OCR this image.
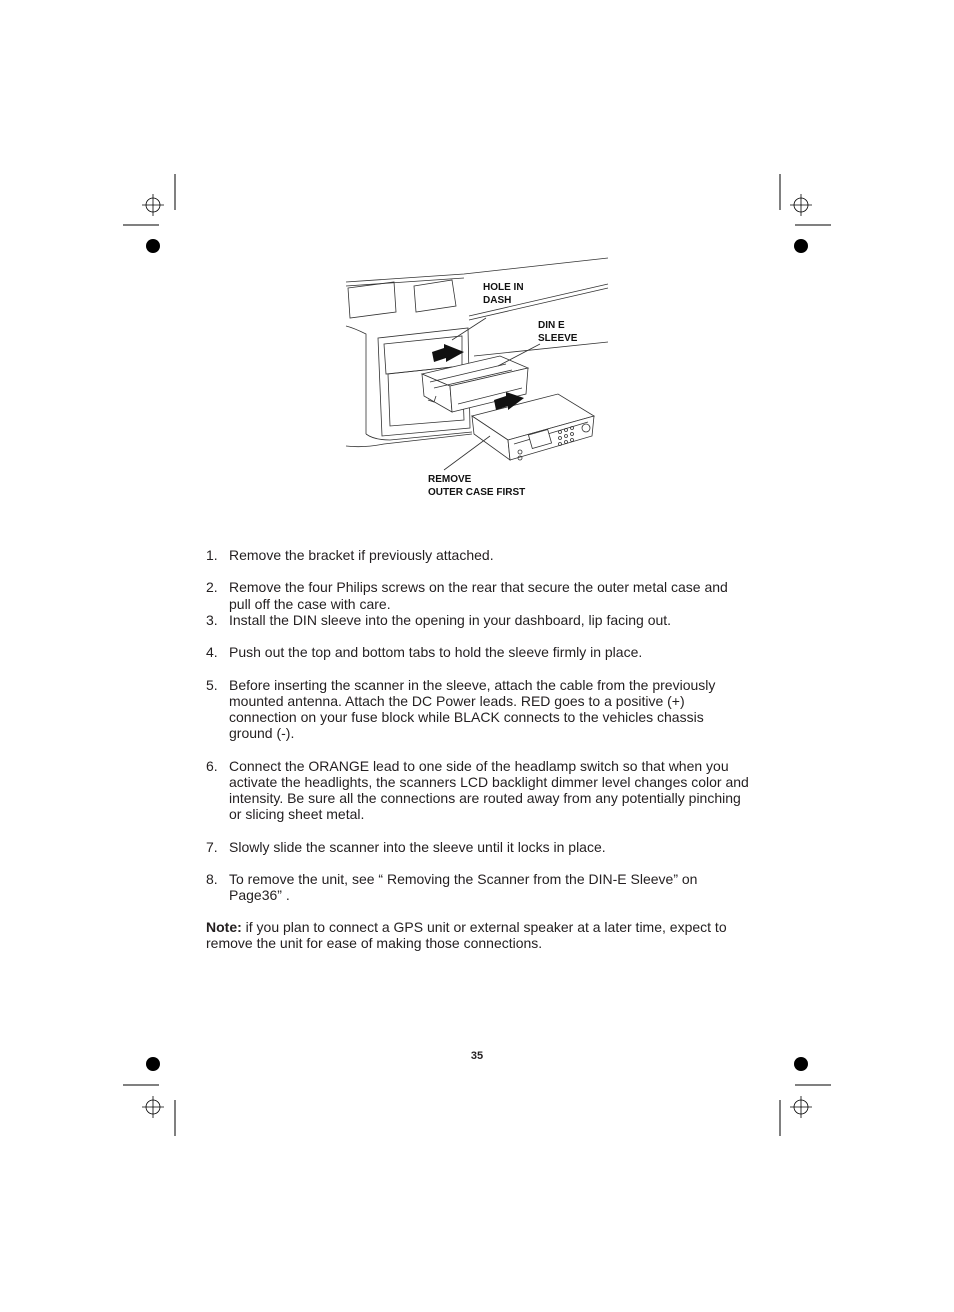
HOLE IN
DASH
DIN E
SLEEVE
REMOVE
OUTER CASE FIRST
1. Remove the bracket if previously attached.
2. Remove the four Philips screws on the rear that secure the outer metal case and pull off the case with care.
3. Install the DIN sleeve into the opening in your dashboard, lip facing out.
4. Push out the top and bottom tabs to hold the sleeve firmly in place.
5. Before inserting the scanner in the sleeve, attach the cable from the previously mounted antenna. Attach the DC Power leads. RED goes to a positive (+) connection on your fuse block while BLACK connects to the vehicles chassis ground (-).
6. Connect the ORANGE lead to one side of the headlamp switch so that when you activate the headlights, the scanners LCD backlight dimmer level changes color and intensity. Be sure all the connections are routed away from any potentially pinching or slicing sheet metal.
7. Slowly slide the scanner into the sleeve until it locks in place.
8. To remove the unit, see “ Removing the Scanner from the DIN-E Sleeve” on Page36” .
Note: if you plan to connect a GPS unit or external speaker at a later time, expect to remove the unit for ease of making those connections.
35
